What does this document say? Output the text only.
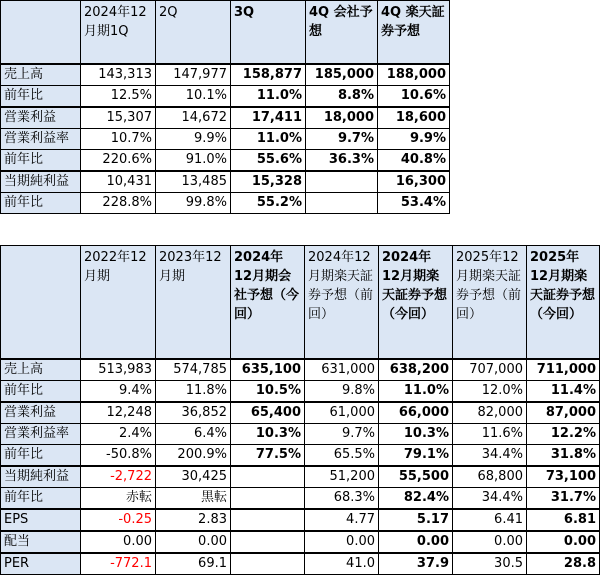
	2024年12月期1Q	2Q	3Q	4Q 会社予想	4Q 楽天証券予想
売上高	143,313	147,977	158,877	185,000	188,000
前年比	12.5%	10.1%	11.0%	8.8%	10.6%
営業利益	15,307	14,672	17,411	18,000	18,600
営業利益率	10.7%	9.9%	11.0%	9.7%	9.9%
前年比	220.6%	91.0%	55.6%	36.3%	40.8%
当期純利益	10,431	13,485	15,328		16,300
前年比	228.8%	99.8%	55.2%		53.4%
	2022年12月期	2023年12月期	2024年12月期会社予想（今回）	2024年12月期楽天証券予想（前回）	2024年12月期楽天証券予想（今回）	2025年12月期楽天証券予想（前回）	2025年12月期楽天証券予想（今回）
売上高	513,983	574,785	635,100	631,000	638,200	707,000	711,000
前年比	9.4%	11.8%	10.5%	9.8%	11.0%	12.0%	11.4%
営業利益	12,248	36,852	65,400	61,000	66,000	82,000	87,000
営業利益率	2.4%	6.4%	10.3%	9.7%	10.3%	11.6%	12.2%
前年比	-50.8%	200.9%	77.5%	65.5%	79.1%	34.4%	31.8%
当期純利益	-2,722	30,425		51,200	55,500	68,800	73,100
前年比	赤転	黒転		68.3%	82.4%	34.4%	31.7%
EPS	-0.25	2.83		4.77	5.17	6.41	6.81
配当	0.00	0.00		0.00	0.00	0.00	0.00
PER	-772.1	69.1		41.0	37.9	30.5	28.8
